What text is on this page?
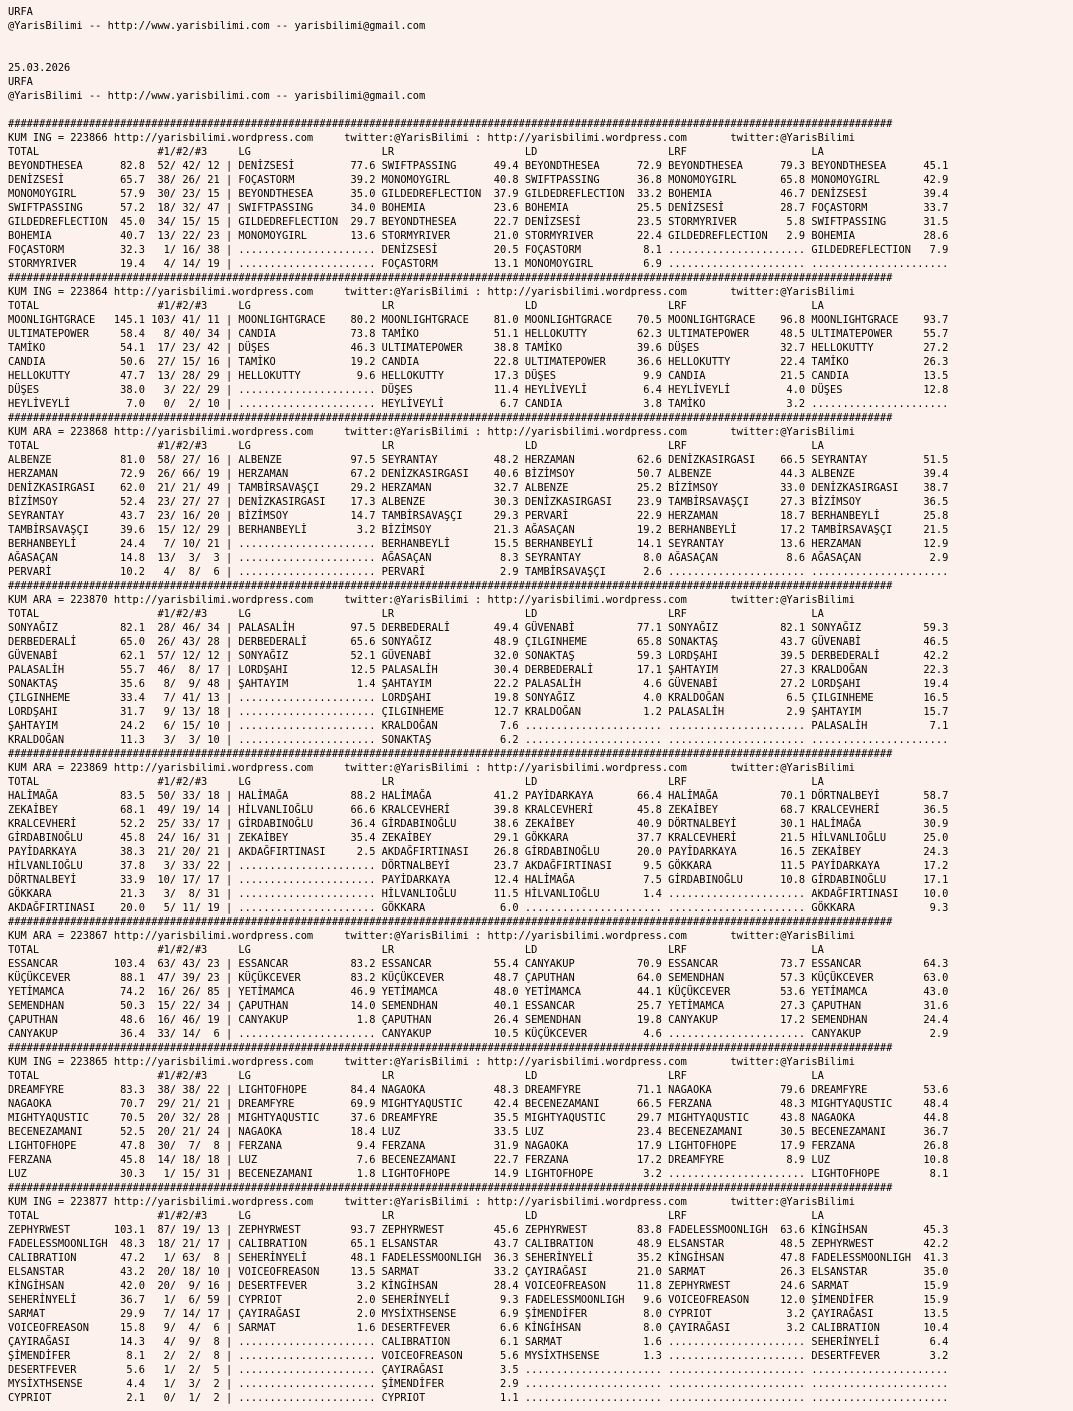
URFA
@YarisBilimi -- http://www.yarisbilimi.com -- yarisbilimi@gmail.com
25.03.2026
URFA
@YarisBilimi -- http://www.yarisbilimi.com -- yarisbilimi@gmail.com
##############################################################################################################################################
KUM ING = 223866 http://yarisbilimi.wordpress.com     twitter:@YarisBilimi : http://yarisbilimi.wordpress.com       twitter:@YarisBilimi
TOTAL                   #1/#2/#3     LG                     LR                     LD                     LRF                    LA
BEYONDTHESEA      82.8  52/ 42/ 12 | DENİZSESİ         77.6 SWIFTPASSING      49.4 BEYONDTHESEA      72.9 BEYONDTHESEA      79.3 BEYONDTHESEA      45.1
DENİZSESİ         65.7  38/ 26/ 21 | FOÇASTORM         39.2 MONOMOYGIRL       40.8 SWIFTPASSING      36.8 MONOMOYGIRL       65.8 MONOMOYGIRL       42.9
MONOMOYGIRL       57.9  30/ 23/ 15 | BEYONDTHESEA      35.0 GILDEDREFLECTION  37.9 GILDEDREFLECTION  33.2 BOHEMIA           46.7 DENİZSESİ         39.4
SWIFTPASSING      57.2  18/ 32/ 47 | SWIFTPASSING      34.0 BOHEMIA           23.6 BOHEMIA           25.5 DENİZSESİ         28.7 FOÇASTORM         33.7
GILDEDREFLECTION  45.0  34/ 15/ 15 | GILDEDREFLECTION  29.7 BEYONDTHESEA      22.7 DENİZSESİ         23.5 STORMYRIVER        5.8 SWIFTPASSING      31.5
BOHEMIA           40.7  13/ 22/ 23 | MONOMOYGIRL       13.6 STORMYRIVER       21.0 STORMYRIVER       22.4 GILDEDREFLECTION   2.9 BOHEMIA           28.6
FOÇASTORM         32.3   1/ 16/ 38 | ...................... DENİZSESİ         20.5 FOÇASTORM          8.1 ...................... GILDEDREFLECTION   7.9
STORMYRIVER       19.4   4/ 14/ 19 | ...................... FOÇASTORM         13.1 MONOMOYGIRL        6.9 ...................... ......................
##############################################################################################################################################
KUM ING = 223864 http://yarisbilimi.wordpress.com     twitter:@YarisBilimi : http://yarisbilimi.wordpress.com       twitter:@YarisBilimi
TOTAL                   #1/#2/#3     LG                     LR                     LD                     LRF                    LA
MOONLIGHTGRACE   145.1 103/ 41/ 11 | MOONLIGHTGRACE    80.2 MOONLIGHTGRACE    81.0 MOONLIGHTGRACE    70.5 MOONLIGHTGRACE    96.8 MOONLIGHTGRACE    93.7
ULTIMATEPOWER     58.4   8/ 40/ 34 | CANDIA            73.8 TAMİKO            51.1 HELLOKUTTY        62.3 ULTIMATEPOWER     48.5 ULTIMATEPOWER     55.7
TAMİKO            54.1  17/ 23/ 42 | DÜŞES             46.3 ULTIMATEPOWER     38.8 TAMİKO            39.6 DÜŞES             32.7 HELLOKUTTY        27.2
CANDIA            50.6  27/ 15/ 16 | TAMİKO            19.2 CANDIA            22.8 ULTIMATEPOWER     36.6 HELLOKUTTY        22.4 TAMİKO            26.3
HELLOKUTTY        47.7  13/ 28/ 29 | HELLOKUTTY         9.6 HELLOKUTTY        17.3 DÜŞES              9.9 CANDIA            21.5 CANDIA            13.5
DÜŞES             38.0   3/ 22/ 29 | ...................... DÜŞES             11.4 HEYLİVEYLİ         6.4 HEYLİVEYLİ         4.0 DÜŞES             12.8
HEYLİVEYLİ         7.0   0/  2/ 10 | ...................... HEYLİVEYLİ         6.7 CANDIA             3.8 TAMİKO             3.2 ......................
##############################################################################################################################################
KUM ARA = 223868 http://yarisbilimi.wordpress.com     twitter:@YarisBilimi : http://yarisbilimi.wordpress.com       twitter:@YarisBilimi
TOTAL                   #1/#2/#3     LG                     LR                     LD                     LRF                    LA
ALBENZE           81.0  58/ 27/ 16 | ALBENZE           97.5 SEYRANTAY         48.2 HERZAMAN          62.6 DENİZKASIRGASI    66.5 SEYRANTAY         51.5
HERZAMAN          72.9  26/ 66/ 19 | HERZAMAN          67.2 DENİZKASIRGASI    40.6 BİZİMSOY          50.7 ALBENZE           44.3 ALBENZE           39.4
DENİZKASIRGASI    62.0  21/ 21/ 49 | TAMBİRSAVAŞÇI     29.2 HERZAMAN          32.7 ALBENZE           25.2 BİZİMSOY          33.0 DENİZKASIRGASI    38.7
BİZİMSOY          52.4  23/ 27/ 27 | DENİZKASIRGASI    17.3 ALBENZE           30.3 DENİZKASIRGASI    23.9 TAMBİRSAVAŞÇI     27.3 BİZİMSOY          36.5
SEYRANTAY         43.7  23/ 16/ 20 | BİZİMSOY          14.7 TAMBİRSAVAŞÇI     29.3 PERVARİ           22.9 HERZAMAN          18.7 BERHANBEYLİ       25.8
TAMBİRSAVAŞÇI     39.6  15/ 12/ 29 | BERHANBEYLİ        3.2 BİZİMSOY          21.3 AĞASAÇAN          19.2 BERHANBEYLİ       17.2 TAMBİRSAVAŞÇI     21.5
BERHANBEYLİ       24.4   7/ 10/ 21 | ...................... BERHANBEYLİ       15.5 BERHANBEYLİ       14.1 SEYRANTAY         13.6 HERZAMAN          12.9
AĞASAÇAN          14.8  13/  3/  3 | ...................... AĞASAÇAN           8.3 SEYRANTAY          8.0 AĞASAÇAN           8.6 AĞASAÇAN           2.9
PERVARİ           10.2   4/  8/  6 | ...................... PERVARİ            2.9 TAMBİRSAVAŞÇI      2.6 ...................... ......................
##############################################################################################################################################
KUM ARA = 223870 http://yarisbilimi.wordpress.com     twitter:@YarisBilimi : http://yarisbilimi.wordpress.com       twitter:@YarisBilimi
TOTAL                   #1/#2/#3     LG                     LR                     LD                     LRF                    LA
SONYAĞIZ          82.1  28/ 46/ 34 | PALASALİH         97.5 DERBEDERALİ       49.4 GÜVENABİ          77.1 SONYAĞIZ          82.1 SONYAĞIZ          59.3
DERBEDERALİ       65.0  26/ 43/ 28 | DERBEDERALİ       65.6 SONYAĞIZ          48.9 ÇILGINHEME        65.8 SONAKTAŞ          43.7 GÜVENABİ          46.5
GÜVENABİ          62.1  57/ 12/ 12 | SONYAĞIZ          52.1 GÜVENABİ          32.0 SONAKTAŞ          59.3 LORDŞAHI          39.5 DERBEDERALİ       42.2
PALASALİH         55.7  46/  8/ 17 | LORDŞAHI          12.5 PALASALİH         30.4 DERBEDERALİ       17.1 ŞAHTAYIM          27.3 KRALDOĞAN         22.3
SONAKTAŞ          35.6   8/  9/ 48 | ŞAHTAYIM           1.4 ŞAHTAYIM          22.2 PALASALİH          4.6 GÜVENABİ          27.2 LORDŞAHI          19.4
ÇILGINHEME        33.4   7/ 41/ 13 | ...................... LORDŞAHI          19.8 SONYAĞIZ           4.0 KRALDOĞAN          6.5 ÇILGINHEME        16.5
LORDŞAHI          31.7   9/ 13/ 18 | ...................... ÇILGINHEME        12.7 KRALDOĞAN          1.2 PALASALİH          2.9 ŞAHTAYIM          15.7
ŞAHTAYIM          24.2   6/ 15/ 10 | ...................... KRALDOĞAN          7.6 ...................... ...................... PALASALİH          7.1
KRALDOĞAN         11.3   3/  3/ 10 | ...................... SONAKTAŞ           6.2 ...................... ...................... ......................
##############################################################################################################################################
KUM ARA = 223869 http://yarisbilimi.wordpress.com     twitter:@YarisBilimi : http://yarisbilimi.wordpress.com       twitter:@YarisBilimi
TOTAL                   #1/#2/#3     LG                     LR                     LD                     LRF                    LA
HALİMAĞA          83.5  50/ 33/ 18 | HALİMAĞA          88.2 HALİMAĞA          41.2 PAYİDARKAYA       66.4 HALİMAĞA          70.1 DÖRTNALBEYİ       58.7
ZEKAİBEY          68.1  49/ 19/ 14 | HİLVANLIOĞLU      66.6 KRALCEVHERİ       39.8 KRALCEVHERİ       45.8 ZEKAİBEY          68.7 KRALCEVHERİ       36.5
KRALCEVHERİ       52.2  25/ 33/ 17 | GİRDABINOĞLU      36.4 GİRDABINOĞLU      38.6 ZEKAİBEY          40.9 DÖRTNALBEYİ       30.1 HALİMAĞA          30.9
GİRDABINOĞLU      45.8  24/ 16/ 31 | ZEKAİBEY          35.4 ZEKAİBEY          29.1 GÖKKARA           37.7 KRALCEVHERİ       21.5 HİLVANLIOĞLU      25.0
PAYİDARKAYA       38.3  21/ 20/ 21 | AKDAĞFIRTINASI     2.5 AKDAĞFIRTINASI    26.8 GİRDABINOĞLU      20.0 PAYİDARKAYA       16.5 ZEKAİBEY          24.3
HİLVANLIOĞLU      37.8   3/ 33/ 22 | ...................... DÖRTNALBEYİ       23.7 AKDAĞFIRTINASI     9.5 GÖKKARA           11.5 PAYİDARKAYA       17.2
DÖRTNALBEYİ       33.9  10/ 17/ 17 | ...................... PAYİDARKAYA       12.4 HALİMAĞA           7.5 GİRDABINOĞLU      10.8 GİRDABINOĞLU      17.1
GÖKKARA           21.3   3/  8/ 31 | ...................... HİLVANLIOĞLU      11.5 HİLVANLIOĞLU       1.4 ...................... AKDAĞFIRTINASI    10.0
AKDAĞFIRTINASI    20.0   5/ 11/ 19 | ...................... GÖKKARA            6.0 ...................... ...................... GÖKKARA            9.3
##############################################################################################################################################
KUM ARA = 223867 http://yarisbilimi.wordpress.com     twitter:@YarisBilimi : http://yarisbilimi.wordpress.com       twitter:@YarisBilimi
TOTAL                   #1/#2/#3     LG                     LR                     LD                     LRF                    LA
ESSANCAR         103.4  63/ 43/ 23 | ESSANCAR          83.2 ESSANCAR          55.4 CANYAKUP          70.9 ESSANCAR          73.7 ESSANCAR          64.3
KÜÇÜKCEVER        88.1  47/ 39/ 23 | KÜÇÜKCEVER        83.2 KÜÇÜKCEVER        48.7 ÇAPUTHAN          64.0 SEMENDHAN         57.3 KÜÇÜKCEVER        63.0
YETİMAMCA         74.2  16/ 26/ 85 | YETİMAMCA         46.9 YETİMAMCA         48.0 YETİMAMCA         44.1 KÜÇÜKCEVER        53.6 YETİMAMCA         43.0
SEMENDHAN         50.3  15/ 22/ 34 | ÇAPUTHAN          14.0 SEMENDHAN         40.1 ESSANCAR          25.7 YETİMAMCA         27.3 ÇAPUTHAN          31.6
ÇAPUTHAN          48.6  16/ 46/ 19 | CANYAKUP           1.8 ÇAPUTHAN          26.4 SEMENDHAN         19.8 CANYAKUP          17.2 SEMENDHAN         24.4
CANYAKUP          36.4  33/ 14/  6 | ...................... CANYAKUP          10.5 KÜÇÜKCEVER         4.6 ...................... CANYAKUP           2.9
##############################################################################################################################################
KUM ING = 223865 http://yarisbilimi.wordpress.com     twitter:@YarisBilimi : http://yarisbilimi.wordpress.com       twitter:@YarisBilimi
TOTAL                   #1/#2/#3     LG                     LR                     LD                     LRF                    LA
DREAMFYRE         83.3  38/ 38/ 22 | LIGHTOFHOPE       84.4 NAGAOKA           48.3 DREAMFYRE         71.1 NAGAOKA           79.6 DREAMFYRE         53.6
NAGAOKA           70.7  29/ 21/ 21 | DREAMFYRE         69.9 MIGHTYAQUSTIC     42.4 BECENEZAMANI      66.5 FERZANA           48.3 MIGHTYAQUSTIC     48.4
MIGHTYAQUSTIC     70.5  20/ 32/ 28 | MIGHTYAQUSTIC     37.6 DREAMFYRE         35.5 MIGHTYAQUSTIC     29.7 MIGHTYAQUSTIC     43.8 NAGAOKA           44.8
BECENEZAMANI      52.5  20/ 21/ 24 | NAGAOKA           18.4 LUZ               33.5 LUZ               23.4 BECENEZAMANI      30.5 BECENEZAMANI      36.7
LIGHTOFHOPE       47.8  30/  7/  8 | FERZANA            9.4 FERZANA           31.9 NAGAOKA           17.9 LIGHTOFHOPE       17.9 FERZANA           26.8
FERZANA           45.8  14/ 18/ 18 | LUZ                7.6 BECENEZAMANI      22.7 FERZANA           17.2 DREAMFYRE          8.9 LUZ               10.8
LUZ               30.3   1/ 15/ 31 | BECENEZAMANI       1.8 LIGHTOFHOPE       14.9 LIGHTOFHOPE        3.2 ...................... LIGHTOFHOPE        8.1
##############################################################################################################################################
KUM ING = 223877 http://yarisbilimi.wordpress.com     twitter:@YarisBilimi : http://yarisbilimi.wordpress.com       twitter:@YarisBilimi
TOTAL                   #1/#2/#3     LG                     LR                     LD                     LRF                    LA
ZEPHYRWEST       103.1  87/ 19/ 13 | ZEPHYRWEST        93.7 ZEPHYRWEST        45.6 ZEPHYRWEST        83.8 FADELESSMOONLIGH  63.6 KİNGİHSAN         45.3
FADELESSMOONLIGH  48.3  18/ 21/ 17 | CALIBRATION       65.1 ELSANSTAR         43.7 CALIBRATION       48.9 ELSANSTAR         48.5 ZEPHYRWEST        42.2
CALIBRATION       47.2   1/ 63/  8 | SEHERİNYELİ       48.1 FADELESSMOONLIGH  36.3 SEHERİNYELİ       35.2 KİNGİHSAN         47.8 FADELESSMOONLIGH  41.3
ELSANSTAR         43.2  20/ 18/ 10 | VOICEOFREASON     13.5 SARMAT            33.2 ÇAYIRAĞASI        21.0 SARMAT            26.3 ELSANSTAR         35.0
KİNGİHSAN         42.0  20/  9/ 16 | DESERTFEVER        3.2 KİNGİHSAN         28.4 VOICEOFREASON     11.8 ZEPHYRWEST        24.6 SARMAT            15.9
SEHERİNYELİ       36.7   1/  6/ 59 | CYPRIOT            2.0 SEHERİNYELİ        9.3 FADELESSMOONLIGH   9.6 VOICEOFREASON     12.0 ŞİMENDİFER        15.9
SARMAT            29.9   7/ 14/ 17 | ÇAYIRAĞASI         2.0 MYSİXTHSENSE       6.9 ŞİMENDİFER         8.0 CYPRIOT            3.2 ÇAYIRAĞASI        13.5
VOICEOFREASON     15.8   9/  4/  6 | SARMAT             1.6 DESERTFEVER        6.6 KİNGİHSAN          8.0 ÇAYIRAĞASI         3.2 CALIBRATION       10.4
ÇAYIRAĞASI        14.3   4/  9/  8 | ...................... CALIBRATION        6.1 SARMAT             1.6 ...................... SEHERİNYELİ        6.4
ŞİMENDİFER         8.1   2/  2/  8 | ...................... VOICEOFREASON      5.6 MYSİXTHSENSE       1.3 ...................... DESERTFEVER        3.2
DESERTFEVER        5.6   1/  2/  5 | ...................... ÇAYIRAĞASI         3.5 ...................... ...................... ......................
MYSİXTHSENSE       4.4   1/  3/  2 | ...................... ŞİMENDİFER         2.9 ...................... ...................... ......................
CYPRIOT            2.1   0/  1/  2 | ...................... CYPRIOT            1.1 ...................... ...................... ......................
